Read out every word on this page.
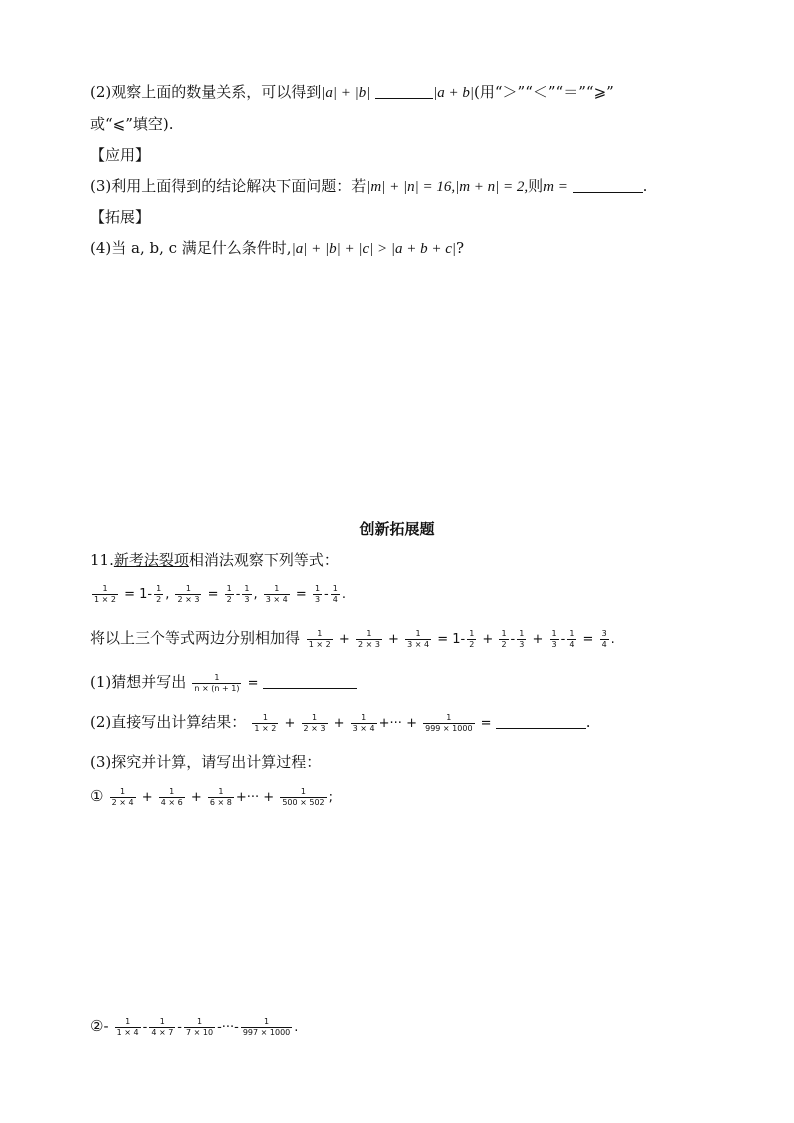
(2)观察上面的数量关系，可以得到|a| + |b|	|a + b|(用“＞”“＜”“＝”“⩾”
或“⩽”填空).
【应用】
(3)利用上面得到的结论解决下面问题：若|m| + |n| = 16,|m + n| = 2,则m =	.
【拓展】
(4)当 a, b, c 满足什么条件时,|a| + |b| + |c| > |a + b + c|?
创新拓展题
11.新考法裂项相消法观察下列等式：
$\frac{1}{1 \times 2} = 1- \frac{1}{2}$ , $\frac{1}{2 \times 3} = \frac{1}{2} - \frac{1}{3}$ , $\frac{1}{3 \times 4} = \frac{1}{3} - \frac{1}{4}$ .
将以上三个等式两边分别相加得 $\frac{1}{1 \times 2} + \frac{1}{2 \times 3} + \frac{1}{3 \times 4} = 1- \frac{1}{2} + \frac{1}{2} - \frac{1}{3} + \frac{1}{3} - \frac{1}{4} = \frac{3}{4}$ .
(1)猜想并写出 $\frac{1}{n \times (n + 1)}$ =
(2)直接写出计算结果： $\frac{1}{1 \times 2} + \frac{1}{2 \times 3} + \frac{1}{3 \times 4}$ +··· + $\frac{1}{999 \times 1000}$ =	.
(3)探究并计算，请写出计算过程：
① $\frac{1}{2 \times 4} + \frac{1}{4 \times 6} + \frac{1}{6 \times 8}$ +··· + $\frac{1}{500 \times 502}$ ;
②- $\frac{1}{1 \times 4} - \frac{1}{4 \times 7} - \frac{1}{7 \times 10}$ -···- $\frac{1}{997 \times 1000}$ .
